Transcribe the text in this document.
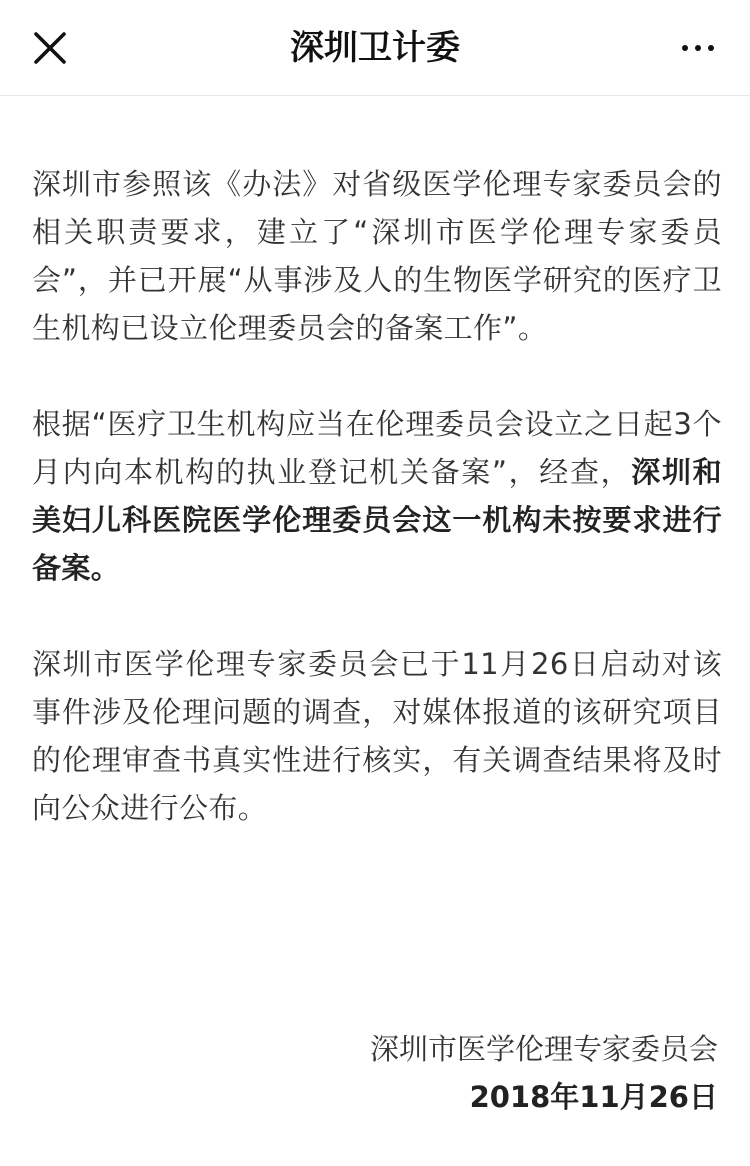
深圳卫计委

深圳市参照该《办法》对省级医学伦理专家委员会的相关职责要求，建立了“深圳市医学伦理专家委员会”，并已开展“从事涉及人的生物医学研究的医疗卫生机构已设立伦理委员会的备案工作”。

根据“医疗卫生机构应当在伦理委员会设立之日起3个月内向本机构的执业登记机关备案”，经查，深圳和美妇儿科医院医学伦理委员会这一机构未按要求进行备案。

深圳市医学伦理专家委员会已于11月26日启动对该事件涉及伦理问题的调查，对媒体报道的该研究项目的伦理审查书真实性进行核实，有关调查结果将及时向公众进行公布。

深圳市医学伦理专家委员会
2018年11月26日
